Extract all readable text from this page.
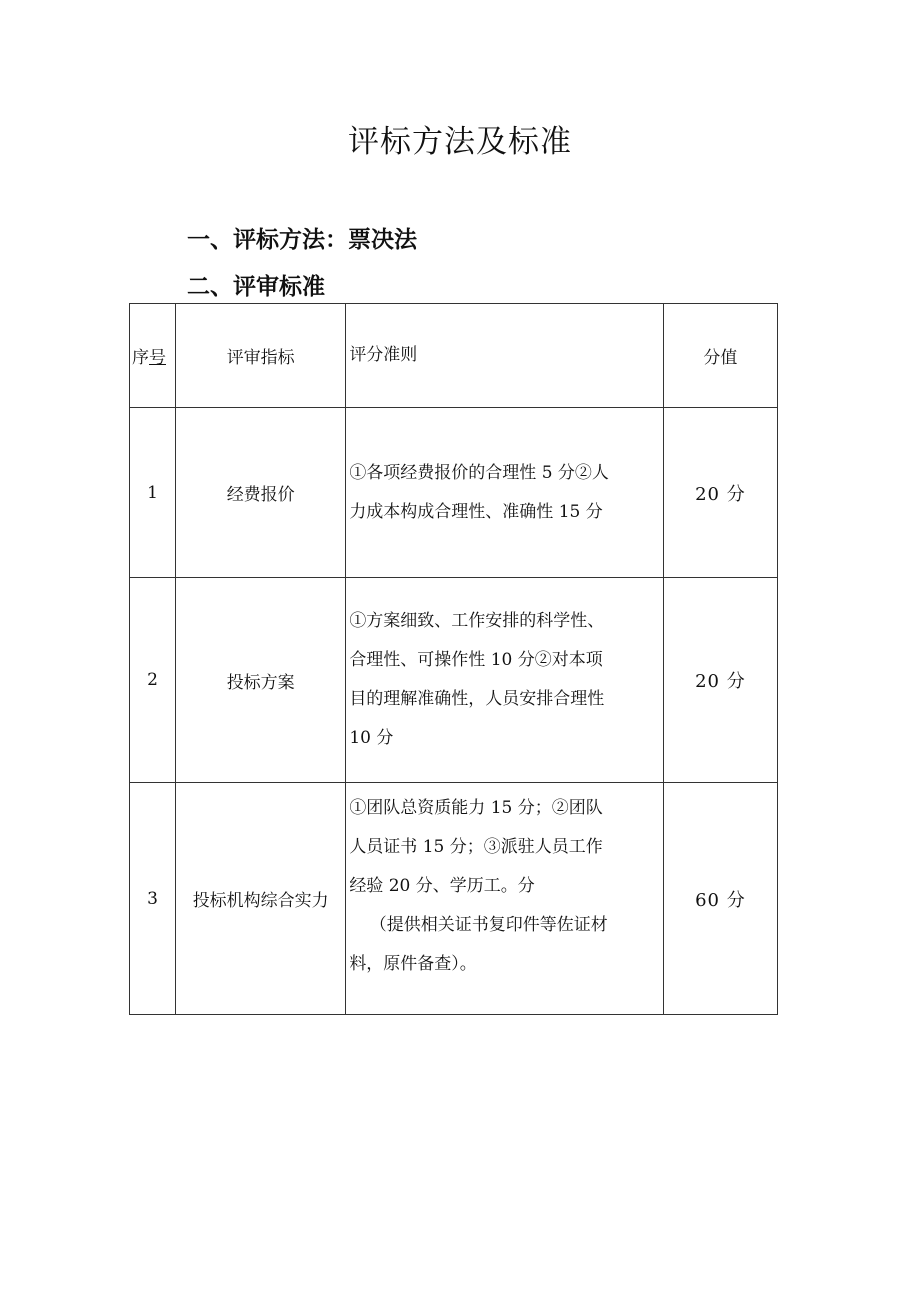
评标方法及标准
一、评标方法：票决法
二、评审标准
序号	评审指标	评分准则	分值
1	经费报价	①各项经费报价的合理性 5 分②人
力成本构成合理性、准确性 15 分	20 分
2	投标方案	①方案细致、工作安排的科学性、
合理性、可操作性 10 分②对本项
目的理解准确性，人员安排合理性
10 分	20 分
3	投标机构综合实力	①团队总资质能力 15 分；②团队
人员证书 15 分；③派驻人员工作
经验 20 分、学历工。分
（提供相关证书复印件等佐证材
料，原件备查）。	60 分
